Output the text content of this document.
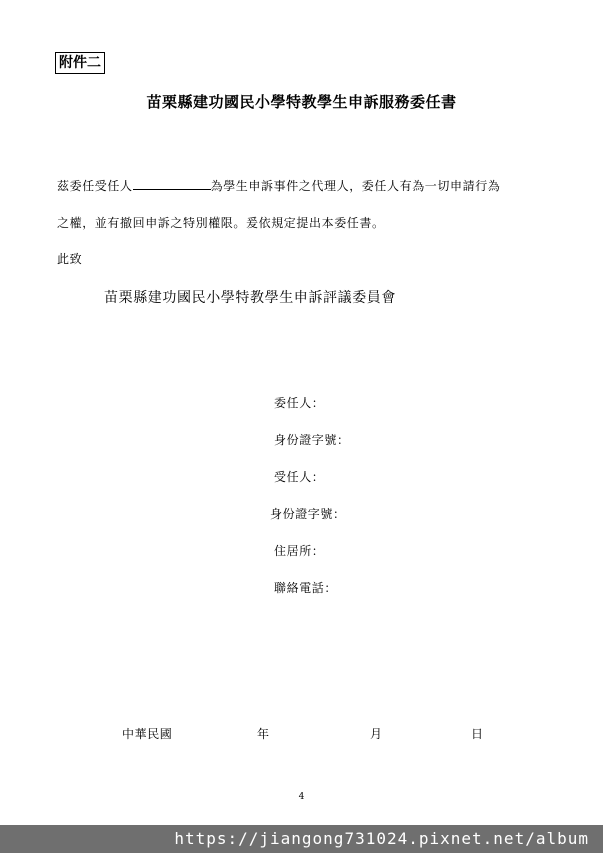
附件二
苗栗縣建功國民小學特教學生申訴服務委任書
茲委任受任人	為學生申訴事件之代理人，委任人有為一切申請行為
之權，並有撤回申訴之特別權限。爰依規定提出本委任書。
此致
苗栗縣建功國民小學特教學生申訴評議委員會
委任人：
身份證字號：
受任人：
身份證字號：
住居所：
聯絡電話：
中華民國	年	月	日
4
https://jiangong731024.pixnet.net/album
